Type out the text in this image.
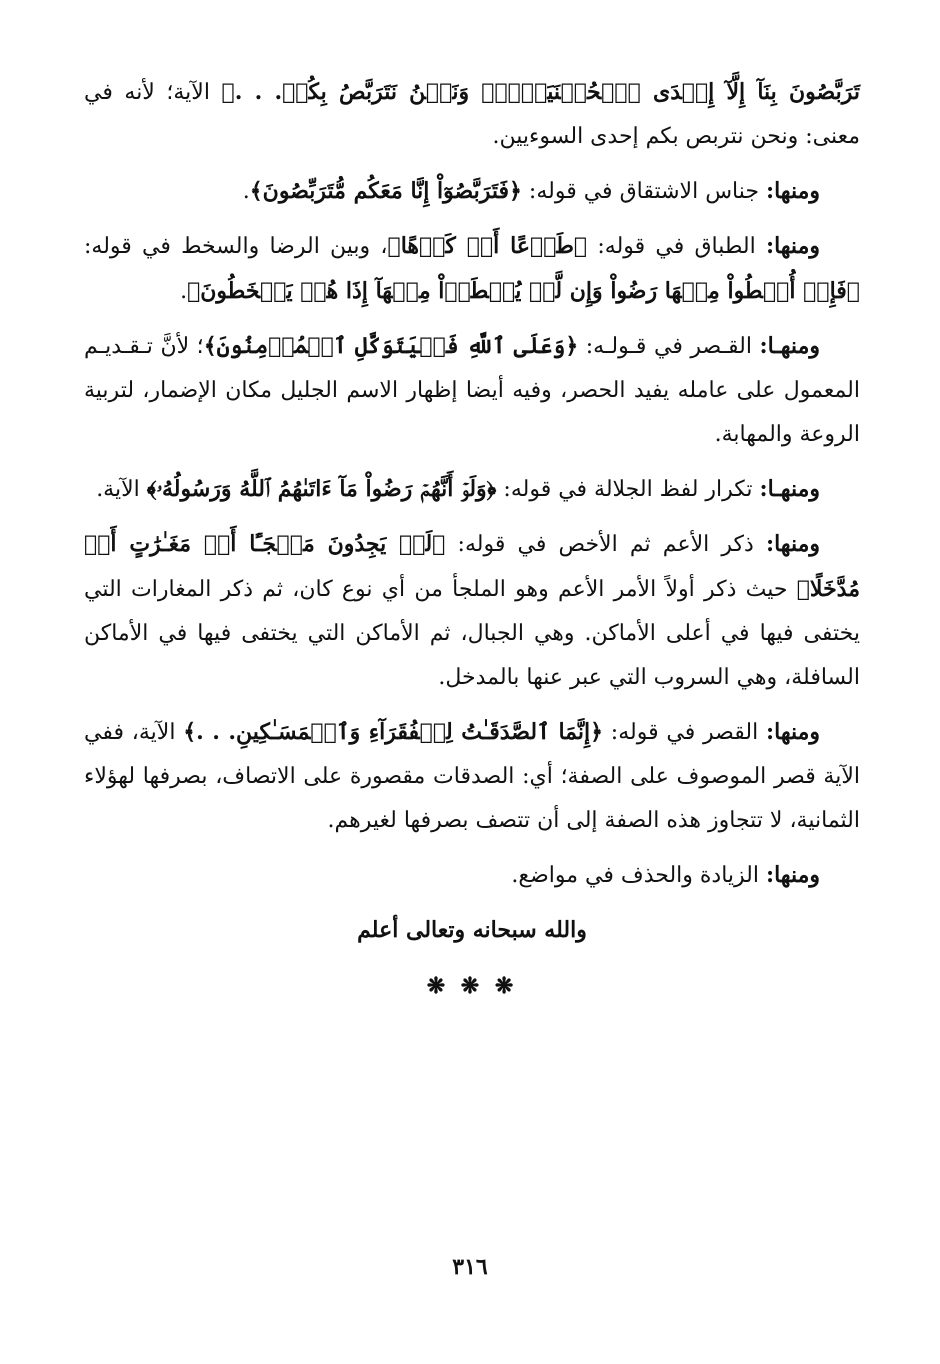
تَرَبَّصُونَ بِنَآ إِلَّآ إِحۡدَى ٱلۡحُسۡنَيَيۡنِۖ وَنَحۡنُ نَتَرَبَّصُ بِكُمۡ. . .﴾ الآية؛ لأنه في معنى: ونحن نتربص بكم إحدى السوءيين.

ومنها: جناس الاشتقاق في قوله: ﴿فَتَرَبَّصُوٓاْ إِنَّا مَعَكُم مُّتَرَبِّصُونَ﴾.

ومنها: الطباق في قوله: ﴿طَوۡعًا أَوۡ كَرۡهًا﴾، وبين الرضا والسخط في قوله: ﴿فَإِنۡ أُعۡطُواْ مِنۡهَا رَضُواْ وَإِن لَّمۡ يُعۡطَوۡاْ مِنۡهَآ إِذَا هُمۡ يَسۡخَطُونَ﴾.

ومنهـا: القـصر في قـولـه: ﴿وَعَلَى ٱللَّهِ فَلۡيَتَوَكَّلِ ٱلۡمُؤۡمِنُونَ﴾؛ لأنَّ تـقـديـم المعمول على عامله يفيد الحصر، وفيه أيضا إظهار الاسم الجليل مكان الإضمار، لتربية الروعة والمهابة.

ومنهـا: تكرار لفظ الجلالة في قوله: ﴿وَلَوۡ أَنَّهُمۡ رَضُواْ مَآ ءَاتَىٰهُمُ ٱللَّهُ وَرَسُولُهُۥ﴾ الآية.

ومنها: ذكر الأعم ثم الأخص في قوله: ﴿لَوۡ يَجِدُونَ مَلۡجَـًٔا أَوۡ مَغَـٰرَٰتٍ أَوۡ مُدَّخَلًا﴾ حيث ذكر أولاً الأمر الأعم وهو الملجأ من أي نوع كان، ثم ذكر المغارات التي يختفى فيها في أعلى الأماكن. وهي الجبال، ثم الأماكن التي يختفى فيها في الأماكن السافلة، وهي السروب التي عبر عنها بالمدخل.

ومنها: القصر في قوله: ﴿إِنَّمَا ٱلصَّدَقَـٰتُ لِلۡفُقَرَآءِ وَٱلۡمَسَـٰكِينِ. . .﴾ الآية، ففي الآية قصر الموصوف على الصفة؛ أي: الصدقات مقصورة على الاتصاف، بصرفها لهؤلاء الثمانية، لا تتجاوز هذه الصفة إلى أن تتصف بصرفها لغيرهم.

ومنها: الزيادة والحذف في مواضع.

والله سبحانه وتعالى أعلم
❋ ❋ ❋
٣١٦
